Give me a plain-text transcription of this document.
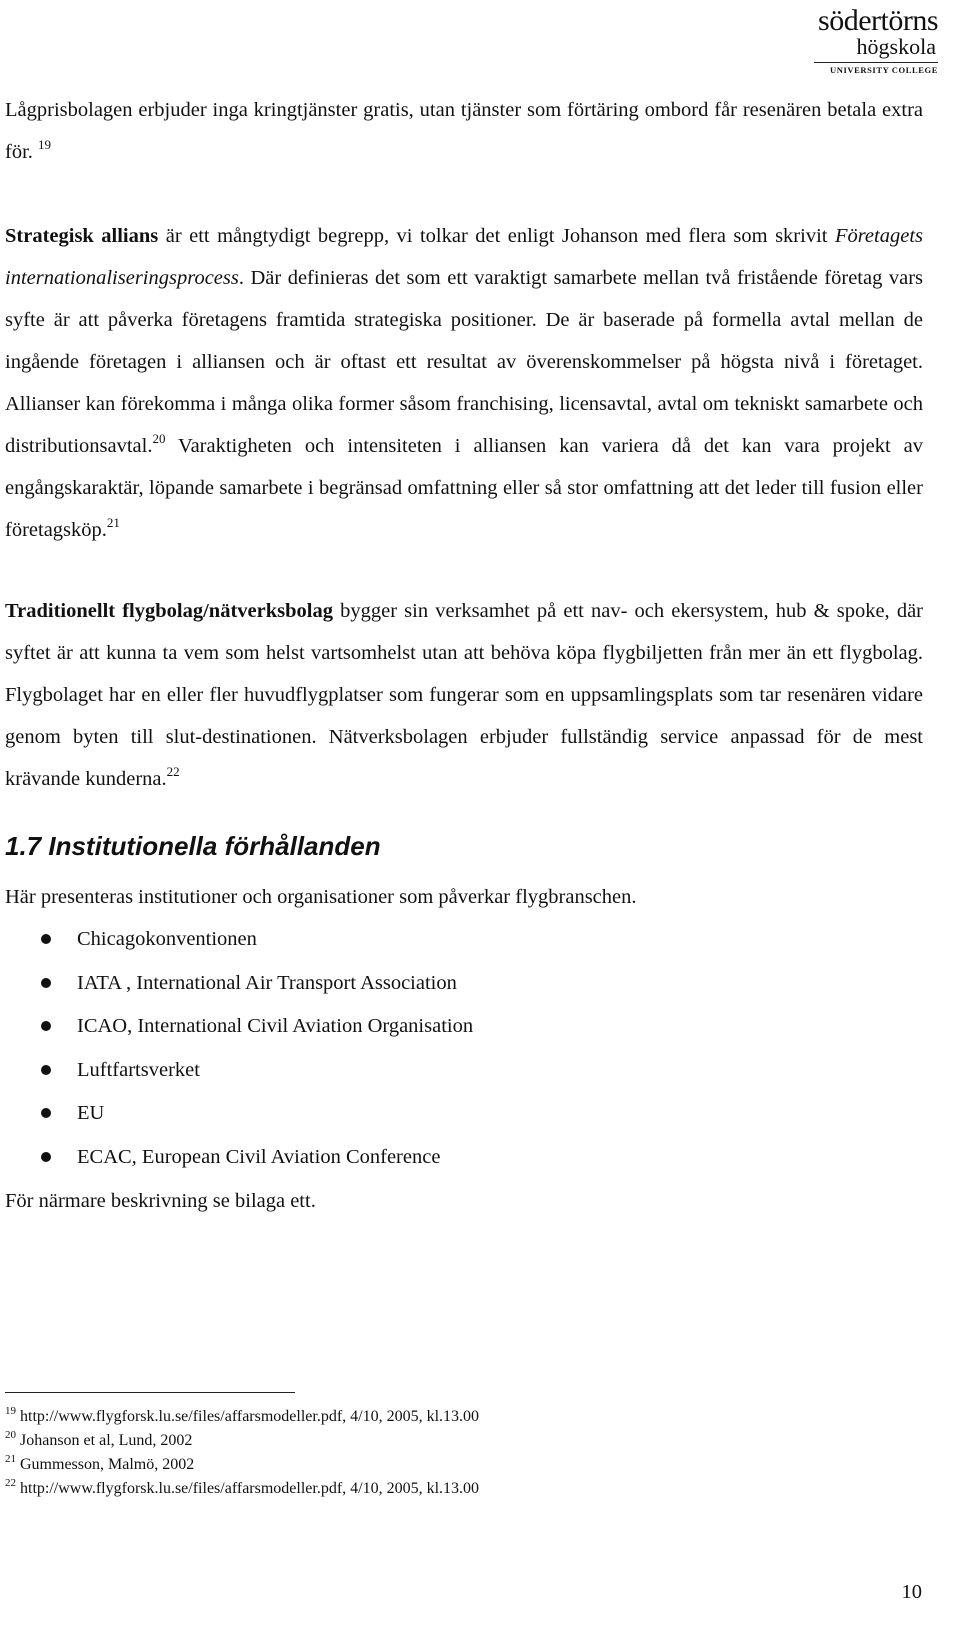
södertörns
högskola
UNIVERSITY COLLEGE

Lågprisbolagen erbjuder inga kringtjänster gratis, utan tjänster som förtäring ombord får resenären betala extra för. $^{19}$

Strategisk allians är ett mångtydigt begrepp, vi tolkar det enligt Johanson med flera som skrivit Företagets internationaliseringsprocess. Där definieras det som ett varaktigt samarbete mellan två fristående företag vars syfte är att påverka företagens framtida strategiska positioner. De är baserade på formella avtal mellan de ingående företagen i alliansen och är oftast ett resultat av överenskommelser på högsta nivå i företaget. Allianser kan förekomma i många olika former såsom franchising, licensavtal, avtal om tekniskt samarbete och distributionsavtal.$^{20}$ Varaktigheten och intensiteten i alliansen kan variera då det kan vara projekt av engångskaraktär, löpande samarbete i begränsad omfattning eller så stor omfattning att det leder till fusion eller företagsköp.$^{21}$

Traditionellt flygbolag/nätverksbolag bygger sin verksamhet på ett nav- och ekersystem, hub & spoke, där syftet är att kunna ta vem som helst vartsomhelst utan att behöva köpa flygbiljetten från mer än ett flygbolag. Flygbolaget har en eller fler huvudflygplatser som fungerar som en uppsamlingsplats som tar resenären vidare genom byten till slut-destinationen. Nätverksbolagen erbjuder fullständig service anpassad för de mest krävande kunderna.$^{22}$

1.7 Institutionella förhållanden

Här presenteras institutioner och organisationer som påverkar flygbranschen.

Chicagokonventionen
IATA , International Air Transport Association
ICAO, International Civil Aviation Organisation
Luftfartsverket
EU
ECAC, European Civil Aviation Conference

För närmare beskrivning se bilaga ett.

$^{19}$ http://www.flygforsk.lu.se/files/affarsmodeller.pdf, 4/10, 2005, kl.13.00
$^{20}$ Johanson et al, Lund, 2002
$^{21}$ Gummesson, Malmö, 2002
$^{22}$ http://www.flygforsk.lu.se/files/affarsmodeller.pdf, 4/10, 2005, kl.13.00
10
